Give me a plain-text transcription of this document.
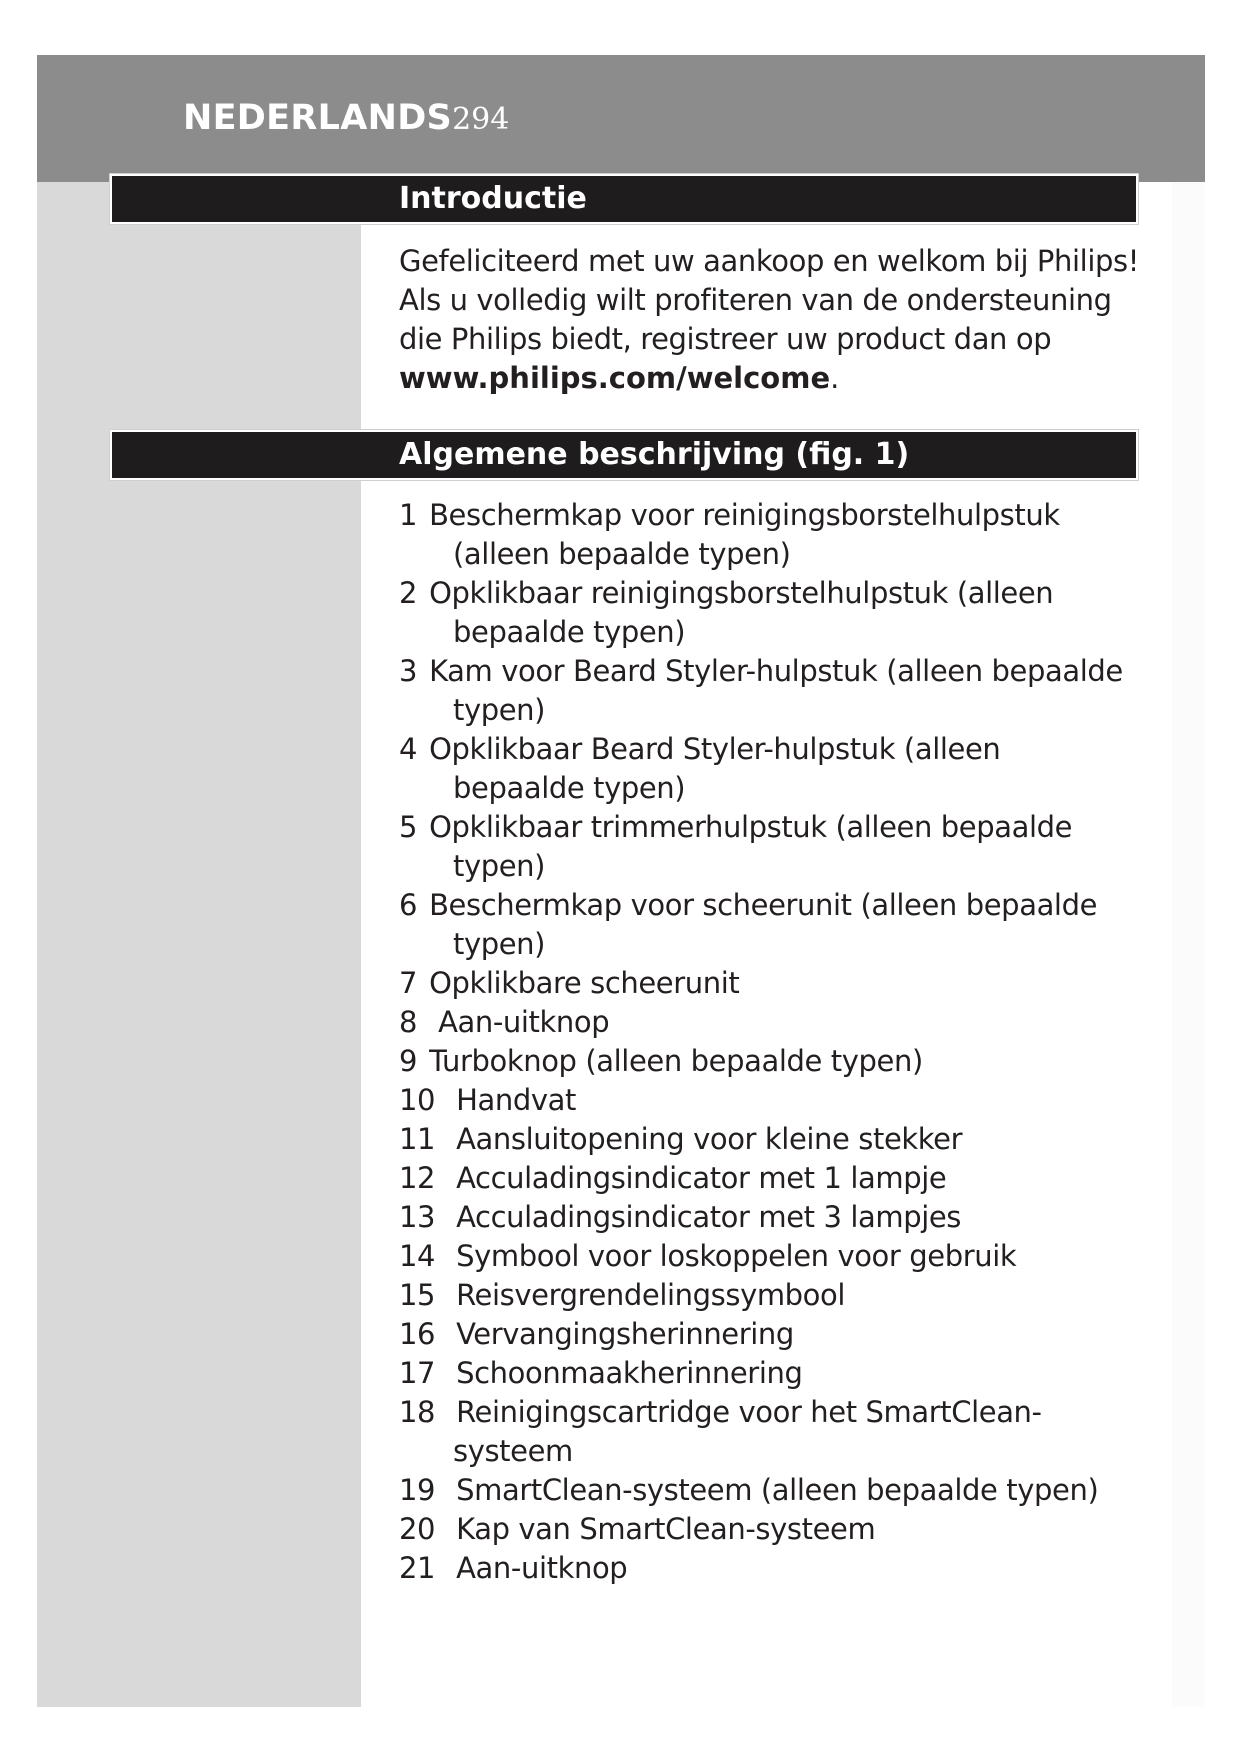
NEDERLANDS294
Introductie

Gefeliciteerd met uw aankoop en welkom bij Philips!
Als u volledig wilt profiteren van de ondersteuning
die Philips biedt, registreer uw product dan op
www.philips.com/welcome.

Algemene beschrijving (fig. 1)
1 Beschermkap voor reinigingsborstelhulpstuk
(alleen bepaalde typen)
2 Opklikbaar reinigingsborstelhulpstuk (alleen
bepaalde typen)
3 Kam voor Beard Styler-hulpstuk (alleen bepaalde
typen)
4 Opklikbaar Beard Styler-hulpstuk (alleen
bepaalde typen)
5 Opklikbaar trimmerhulpstuk (alleen bepaalde
typen)
6 Beschermkap voor scheerunit (alleen bepaalde
typen)
7 Opklikbare scheerunit
8 Aan-uitknop
9 Turboknop (alleen bepaalde typen)
10 Handvat
11 Aansluitopening voor kleine stekker
12 Acculadingsindicator met 1 lampje
13 Acculadingsindicator met 3 lampjes
14 Symbool voor loskoppelen voor gebruik
15 Reisvergrendelingssymbool
16 Vervangingsherinnering
17 Schoonmaakherinnering
18 Reinigingscartridge voor het SmartClean-
systeem
19 SmartClean-systeem (alleen bepaalde typen)
20 Kap van SmartClean-systeem
21 Aan-uitknop
